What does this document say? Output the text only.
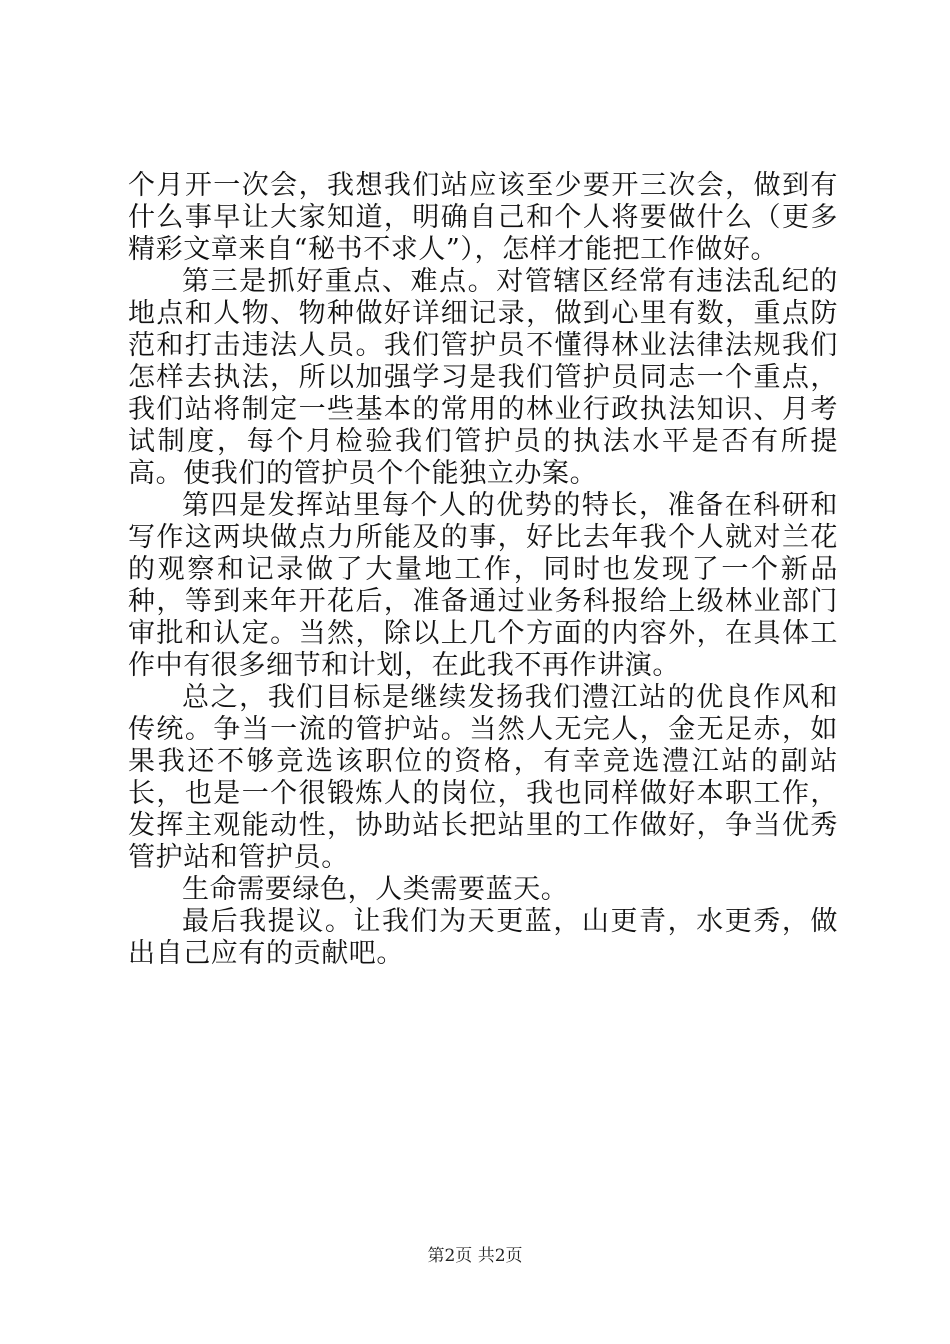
个月开一次会，我想我们站应该至少要开三次会，做到有什么事早让大家知道，明确自己和个人将要做什么（更多精彩文章来自“秘书不求人”），怎样才能把工作做好。

第三是抓好重点、难点。对管辖区经常有违法乱纪的地点和人物、物种做好详细记录，做到心里有数，重点防范和打击违法人员。我们管护员不懂得林业法律法规我们怎样去执法，所以加强学习是我们管护员同志一个重点，我们站将制定一些基本的常用的林业行政执法知识、月考试制度，每个月检验我们管护员的执法水平是否有所提高。使我们的管护员个个能独立办案。

第四是发挥站里每个人的优势的特长，准备在科研和写作这两块做点力所能及的事，好比去年我个人就对兰花的观察和记录做了大量地工作，同时也发现了一个新品种，等到来年开花后，准备通过业务科报给上级林业部门审批和认定。当然，除以上几个方面的内容外，在具体工作中有很多细节和计划，在此我不再作讲演。

总之，我们目标是继续发扬我们澧江站的优良作风和传统。争当一流的管护站。当然人无完人，金无足赤，如果我还不够竞选该职位的资格，有幸竞选澧江站的副站长，也是一个很锻炼人的岗位，我也同样做好本职工作，发挥主观能动性，协助站长把站里的工作做好，争当优秀管护站和管护员。

生命需要绿色，人类需要蓝天。

最后我提议。让我们为天更蓝，山更青，水更秀，做出自己应有的贡献吧。

第2页 共2页
